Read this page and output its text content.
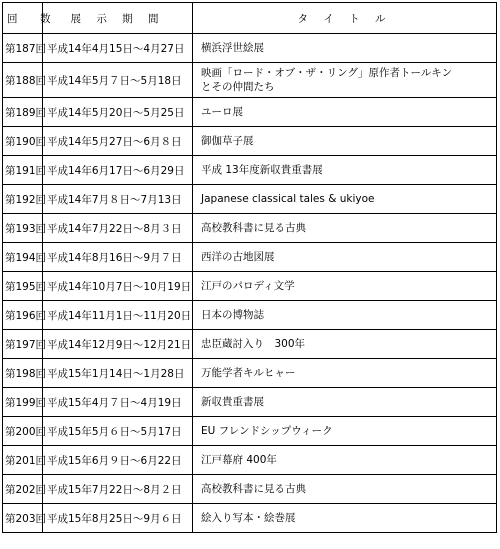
回　数	展 示 期 間	タ イ ト ル
第187回	平成14年4月15日～4月27日	横浜浮世絵展

第188回	平成14年5月７日～5月18日	映画「ロード・オブ・ザ・リング」原作者トールキン
とその仲間たち

第189回	平成14年5月20日～5月25日	ユーロ展

第190回	平成14年5月27日～6月８日	御伽草子展

第191回	平成14年6月17日～6月29日	平成 13年度新収貴重書展

第192回	平成14年7月８日～7月13日	Japanese classical tales & ukiyoe

第193回	平成14年7月22日～8月３日	高校教科書に見る古典

第194回	平成14年8月16日～9月７日	西洋の古地図展

第195回	平成14年10月7日～10月19日	江戸のパロディ文学

第196回	平成14年11月1日～11月20日	日本の博物誌

第197回	平成14年12月9日～12月21日	忠臣蔵討入り　300年

第198回	平成15年1月14日～1月28日	万能学者キルヒャー

第199回	平成15年4月７日～4月19日	新収貴重書展

第200回	平成15年5月６日～5月17日	EU フレンドシップウィーク

第201回	平成15年6月９日～6月22日	江戸幕府 400年

第202回	平成15年7月22日～8月２日	高校教科書に見る古典

第203回	平成15年8月25日～9月６日	絵入り写本・絵巻展
